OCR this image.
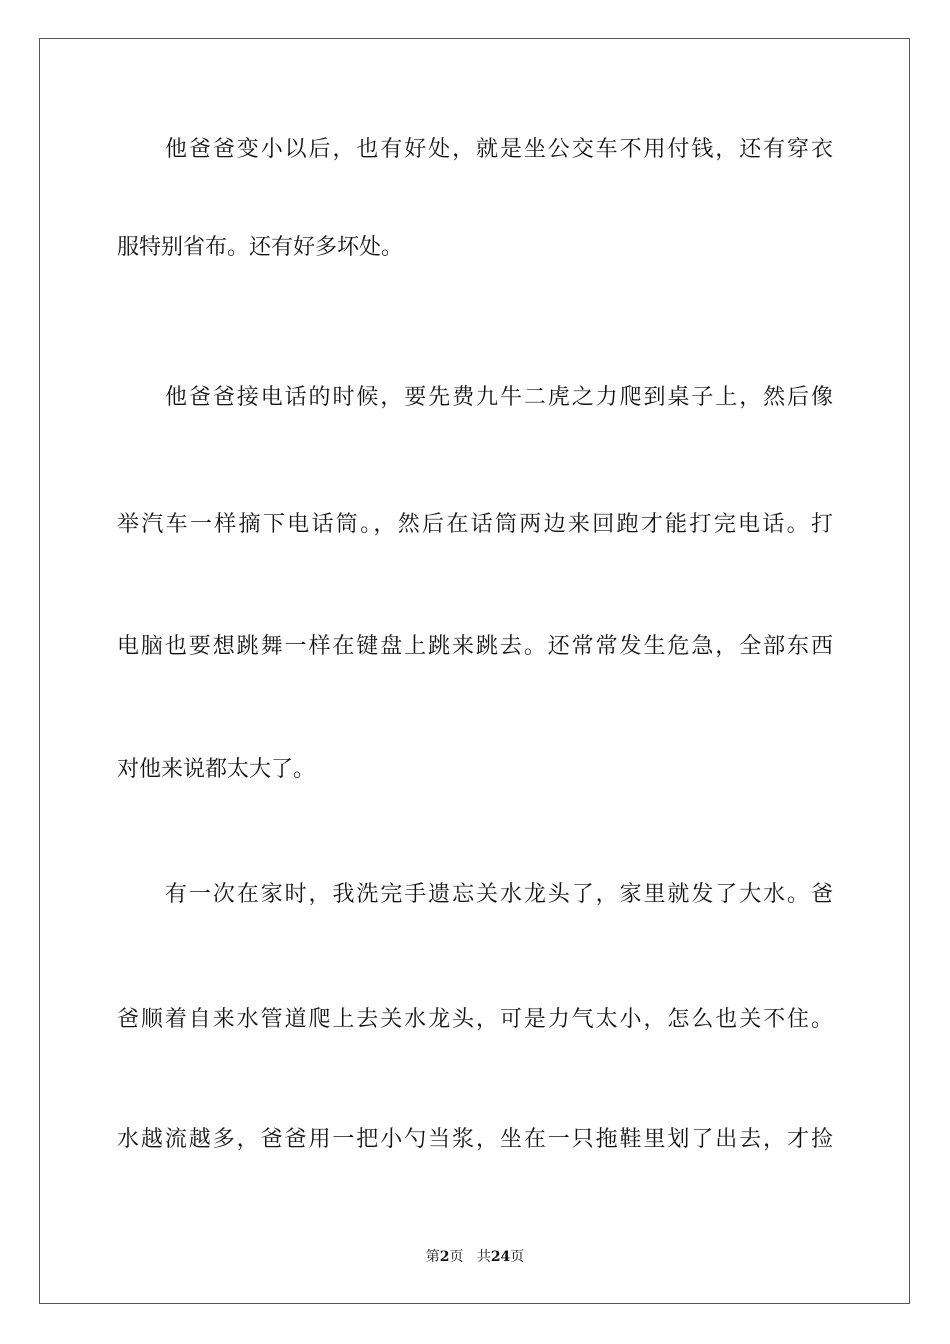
他爸爸变小以后，也有好处，就是坐公交车不用付钱，还有穿衣
服特别省布。还有好多坏处。
他爸爸接电话的时候，要先费九牛二虎之力爬到桌子上，然后像
举汽车一样摘下电话筒。，然后在话筒两边来回跑才能打完电话。打
电脑也要想跳舞一样在键盘上跳来跳去。还常常发生危急，全部东西
对他来说都太大了。
有一次在家时，我洗完手遗忘关水龙头了，家里就发了大水。爸
爸顺着自来水管道爬上去关水龙头，可是力气太小，怎么也关不住。
水越流越多，爸爸用一把小勺当浆，坐在一只拖鞋里划了出去，才捡
第2页 共24页
